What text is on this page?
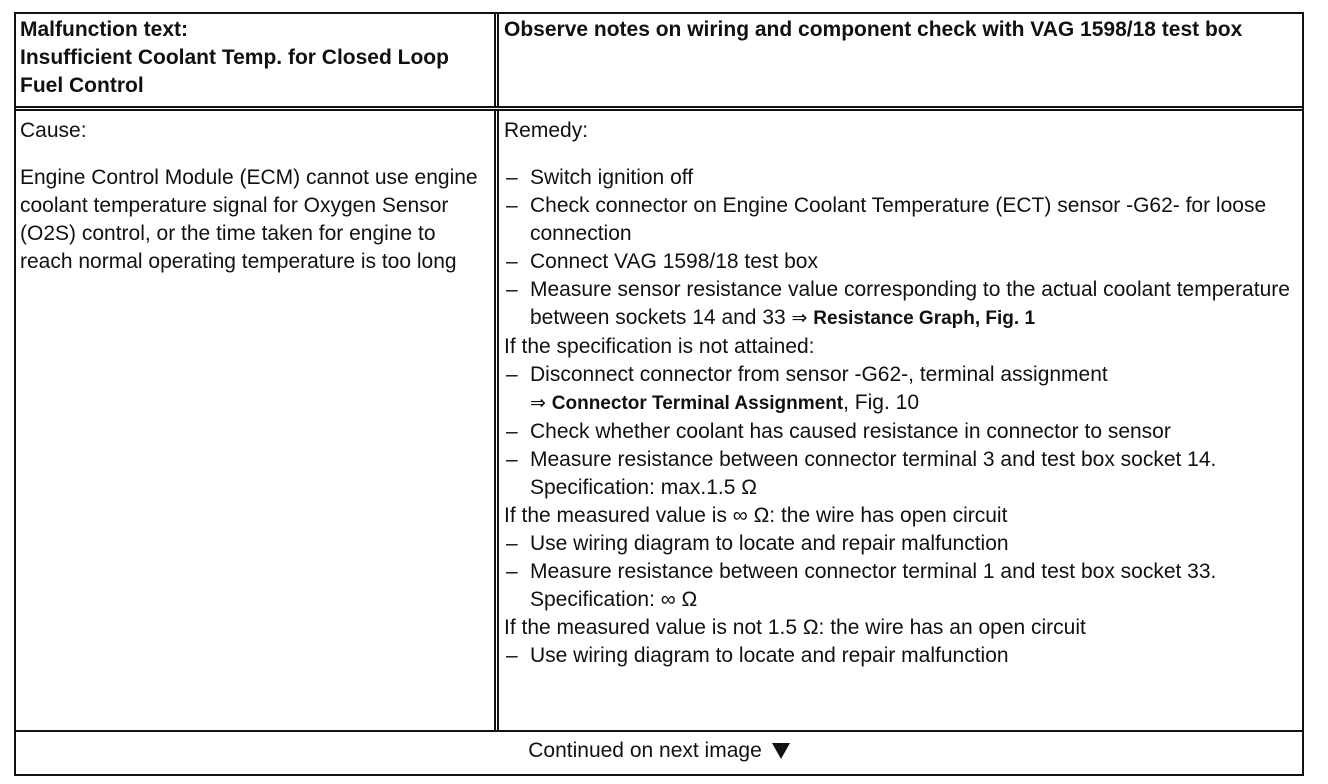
Malfunction text:
Insufficient Coolant Temp. for Closed Loop Fuel Control
Observe notes on wiring and component check with VAG 1598/18 test box
Cause:
Engine Control Module (ECM) cannot use engine coolant temperature signal for Oxygen Sensor (O2S) control, or the time taken for engine to reach normal operating temperature is too long
Remedy:
– Switch ignition off
– Check connector on Engine Coolant Temperature (ECT) sensor -G62- for loose connection
– Connect VAG 1598/18 test box
– Measure sensor resistance value corresponding to the actual coolant temperature between sockets 14 and 33 ⇒ Resistance Graph, Fig. 1
If the specification is not attained:
– Disconnect connector from sensor -G62-, terminal assignment
⇒ Connector Terminal Assignment, Fig. 10
– Check whether coolant has caused resistance in connector to sensor
– Measure resistance between connector terminal 3 and test box socket 14. Specification: max.1.5 Ω
If the measured value is ∞ Ω: the wire has open circuit
– Use wiring diagram to locate and repair malfunction
– Measure resistance between connector terminal 1 and test box socket 33. Specification: ∞ Ω
If the measured value is not 1.5 Ω: the wire has an open circuit
– Use wiring diagram to locate and repair malfunction
Continued on next image
